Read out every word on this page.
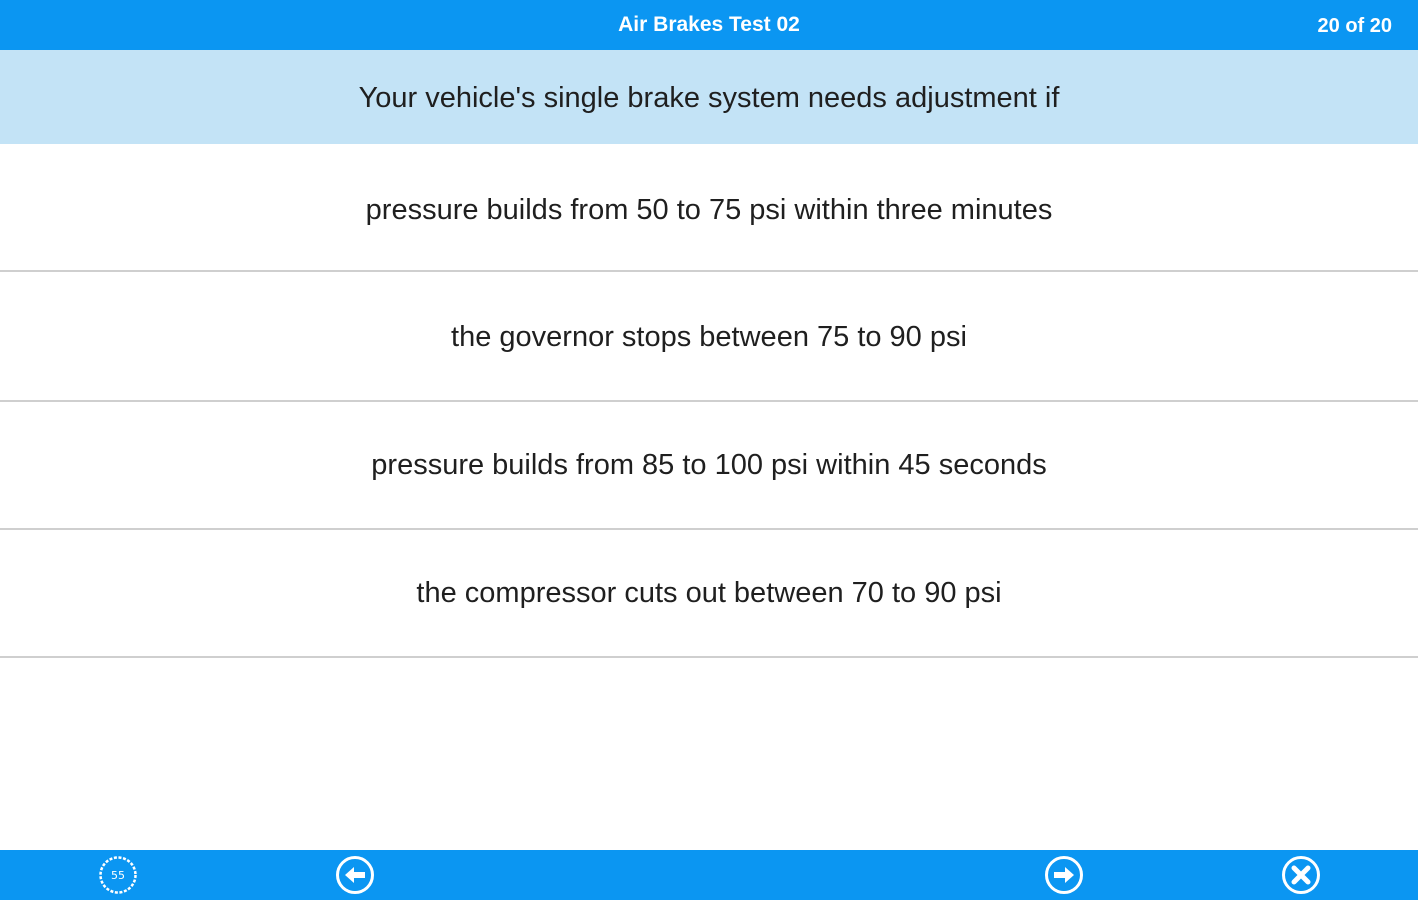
Air Brakes Test 02	20 of 20
Your vehicle's single brake system needs adjustment if
pressure builds from 50 to 75 psi within three minutes
the governor stops between 75 to 90 psi
pressure builds from 85 to 100 psi within 45 seconds
the compressor cuts out between 70 to 90 psi
55
